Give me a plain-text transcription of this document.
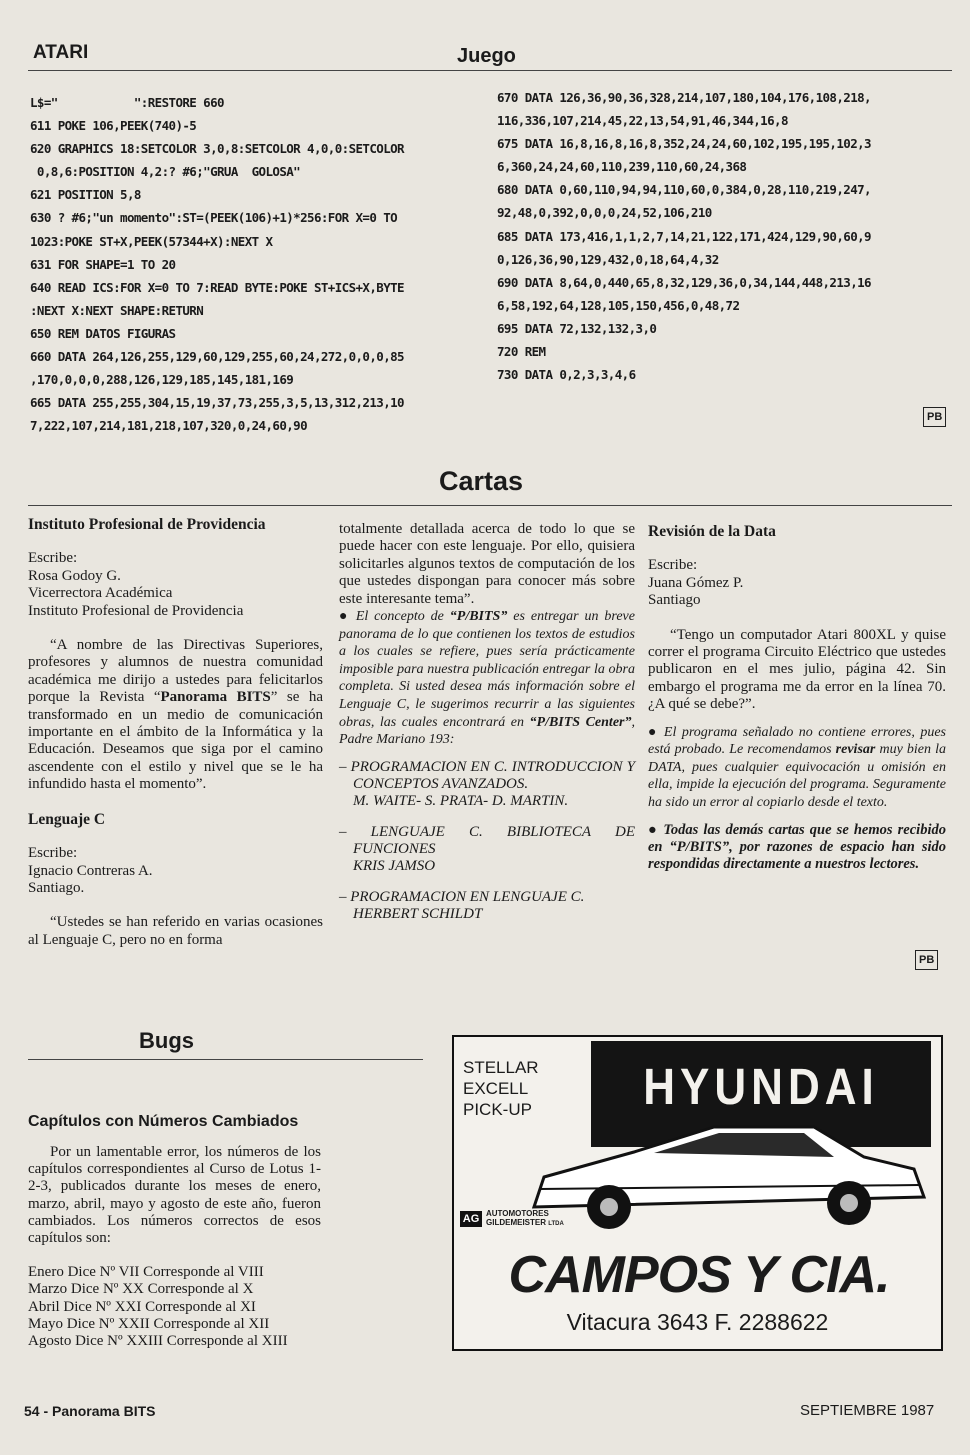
ATARI	Juego
L$="           ":RESTORE 660
611 POKE 106,PEEK(740)-5
620 GRAPHICS 18:SETCOLOR 3,0,8:SETCOLOR 4,0,0:SETCOLOR
0,8,6:POSITION 4,2:? #6;"GRUA  GOLOSA"
621 POSITION 5,8
630 ? #6;"un momento":ST=(PEEK(106)+1)*256:FOR X=0 TO
1023:POKE ST+X,PEEK(57344+X):NEXT X
631 FOR SHAPE=1 TO 20
640 READ ICS:FOR X=0 TO 7:READ BYTE:POKE ST+ICS+X,BYTE
:NEXT X:NEXT SHAPE:RETURN
650 REM DATOS FIGURAS
660 DATA 264,126,255,129,60,129,255,60,24,272,0,0,0,85
,170,0,0,0,288,126,129,185,145,181,169
665 DATA 255,255,304,15,19,37,73,255,3,5,13,312,213,10
7,222,107,214,181,218,107,320,0,24,60,90
670 DATA 126,36,90,36,328,214,107,180,104,176,108,218,
116,336,107,214,45,22,13,54,91,46,344,16,8
675 DATA 16,8,16,8,16,8,352,24,24,60,102,195,195,102,3
6,360,24,24,60,110,239,110,60,24,368
680 DATA 0,60,110,94,94,110,60,0,384,0,28,110,219,247,
92,48,0,392,0,0,0,24,52,106,210
685 DATA 173,416,1,1,2,7,14,21,122,171,424,129,90,60,9
0,126,36,90,129,432,0,18,64,4,32
690 DATA 8,64,0,440,65,8,32,129,36,0,34,144,448,213,16
6,58,192,64,128,105,150,456,0,48,72
695 DATA 72,132,132,3,0
720 REM
730 DATA 0,2,3,3,4,6
PB
Cartas

Instituto Profesional de Providencia

Escribe:

Rosa Godoy G.

Vicerrectora Académica

Instituto Profesional de Providencia

“A nombre de las Directivas Superiores, profesores y alumnos de nuestra comunidad académica me dirijo a ustedes para felicitarlos porque la Revista “Panorama BITS” se ha transformado en un medio de comunicación importante en el ámbito de la Informática y la Educación. Deseamos que siga por el camino ascendente con el estilo y nivel que se le ha infundido hasta el momento”.

Lenguaje C

Escribe:

Ignacio Contreras A.

Santiago.

“Ustedes se han referido en varias ocasiones al Lenguaje C, pero no en forma

totalmente detallada acerca de todo lo que se puede hacer con este lenguaje. Por ello, quisiera solicitarles algunos textos de computación de los que ustedes dispongan para conocer más sobre este interesante tema”.

● El concepto de “P/BITS” es entregar un breve panorama de lo que contienen los textos de estudios a los cuales se refiere, pues sería prácticamente imposible para nuestra publicación entregar la obra completa. Si usted desea más información sobre el Lenguaje C, le sugerimos recurrir a las siguientes obras, las cuales encontrará en “P/BITS Center”, Padre Mariano 193:

– PROGRAMACION EN C. INTRODUCCION Y CONCEPTOS AVANZADOS.
M. WAITE- S. PRATA- D. MARTIN.
– LENGUAJE C. BIBLIOTECA DE FUNCIONES
KRIS JAMSO
– PROGRAMACION EN LENGUAJE C.
HERBERT SCHILDT

Revisión de la Data

Escribe:

Juana Gómez P.

Santiago

“Tengo un computador Atari 800XL y quise correr el programa Circuito Eléctrico que ustedes publicaron en el mes julio, página 42. Sin embargo el programa me da error en la línea 70. ¿A qué se debe?”.

● El programa señalado no contiene errores, pues está probado. Le recomendamos revisar muy bien la DATA, pues cualquier equivocación u omisión en ella, impide la ejecución del programa. Seguramente ha sido un error al copiarlo desde el texto.

● Todas las demás cartas que se hemos recibido en “P/BITS”, por razones de espacio han sido respondidas directamente a nuestros lectores.

PB
Bugs
Capítulos con Números Cambiados

Por un lamentable error, los números de los capítulos correspondientes al Curso de Lotus 1-2-3, publicados durante los meses de enero, marzo, abril, mayo y agosto de este año, fueron cambiados. Los números correctos de esos capítulos son:

Enero Dice Nº VII Corresponde al VIII
Marzo Dice Nº XX Corresponde al X
Abril Dice Nº XXI Corresponde al XI
Mayo Dice Nº XXII Corresponde al XII
Agosto Dice Nº XXIII Corresponde al XIII
STELLAR
EXCELL
PICK-UP	HYUNDAI
AG AUTOMOTORES
GILDEMEISTER LTDA
CAMPOS Y CIA.
Vitacura 3643 F. 2288622
54 - Panorama BITS	SEPTIEMBRE 1987
